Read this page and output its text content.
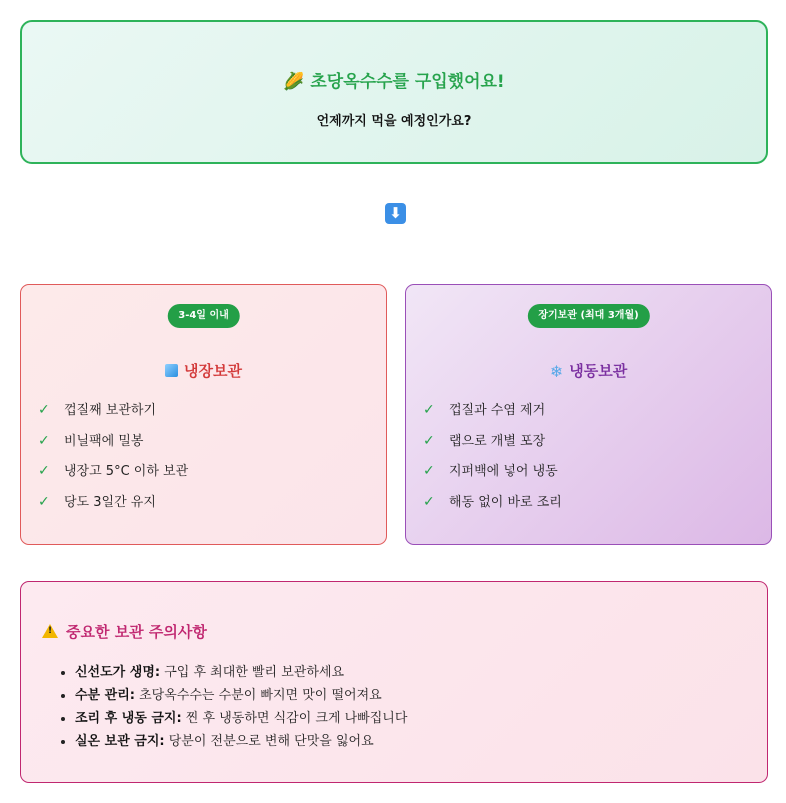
🌽 초당옥수수를 구입했어요!
언제까지 먹을 예정인가요?
⬇
3-4일 이내
냉장보관
✓ 껍질째 보관하기
✓ 비닐팩에 밀봉
✓ 냉장고 5°C 이하 보관
✓ 당도 3일간 유지
장기보관 (최대 3개월)
❄ 냉동보관
✓ 껍질과 수염 제거
✓ 랩으로 개별 포장
✓ 지퍼백에 넣어 냉동
✓ 해동 없이 바로 조리
! 중요한 보관 주의사항
• 신선도가 생명: 구입 후 최대한 빨리 보관하세요
• 수분 관리: 초당옥수수는 수분이 빠지면 맛이 떨어져요
• 조리 후 냉동 금지: 찐 후 냉동하면 식감이 크게 나빠집니다
• 실온 보관 금지: 당분이 전분으로 변해 단맛을 잃어요
